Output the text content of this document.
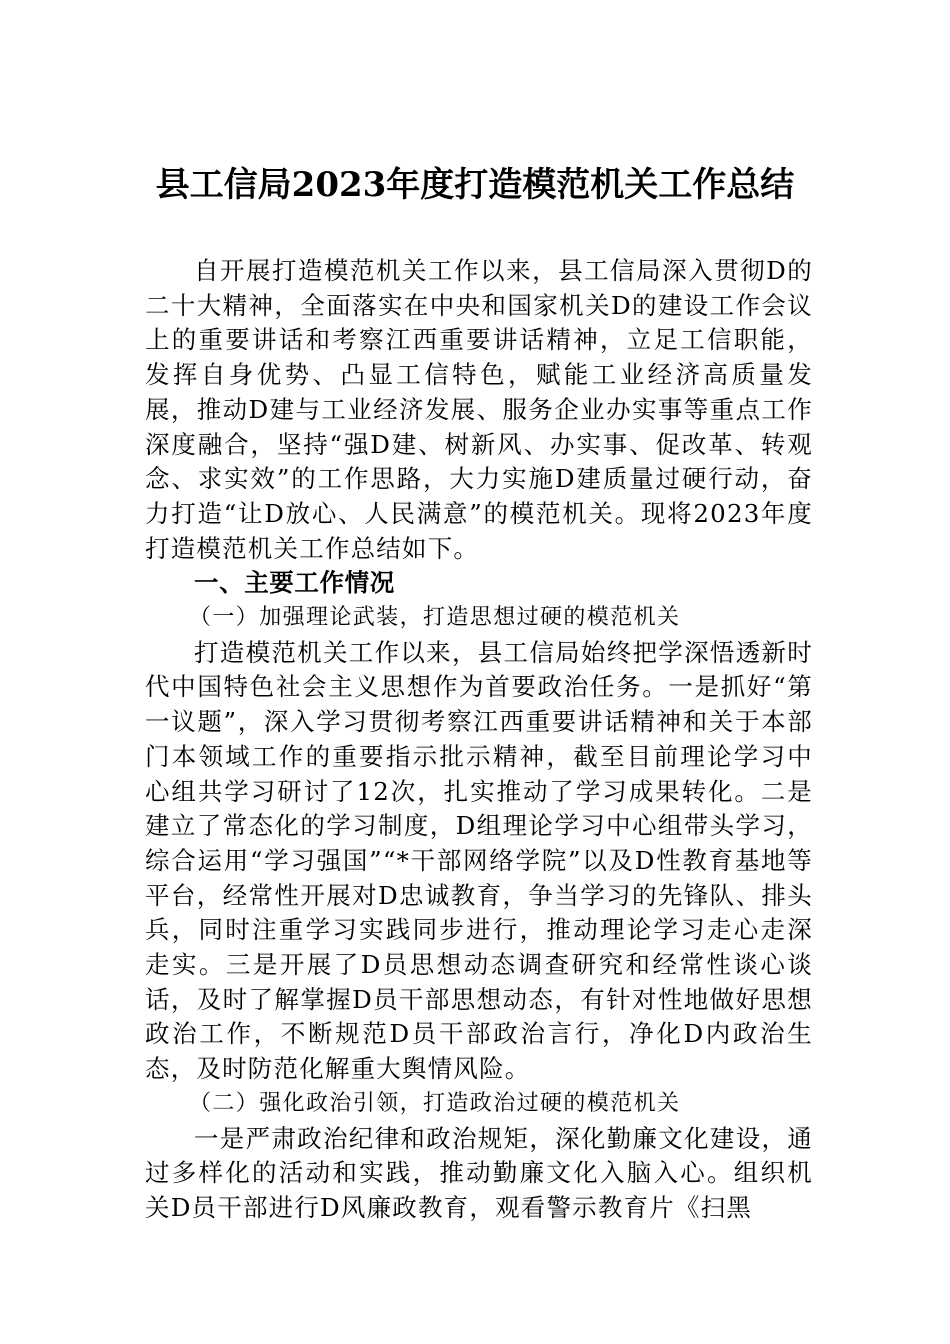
县工信局2023年度打造模范机关工作总结

自开展打造模范机关工作以来，县工信局深入贯彻D的二十大精神，全面落实在中央和国家机关D的建设工作会议上的重要讲话和考察江西重要讲话精神，立足工信职能，发挥自身优势、凸显工信特色，赋能工业经济高质量发展，推动D建与工业经济发展、服务企业办实事等重点工作深度融合，坚持“强D建、树新风、办实事、促改革、转观念、求实效”的工作思路，大力实施D建质量过硬行动，奋力打造“让D放心、人民满意”的模范机关。现将2023年度打造模范机关工作总结如下。

一、主要工作情况

（一）加强理论武装，打造思想过硬的模范机关

打造模范机关工作以来，县工信局始终把学深悟透新时代中国特色社会主义思想作为首要政治任务。一是抓好“第一议题”，深入学习贯彻考察江西重要讲话精神和关于本部门本领域工作的重要指示批示精神，截至目前理论学习中心组共学习研讨了12次，扎实推动了学习成果转化。二是建立了常态化的学习制度，D组理论学习中心组带头学习，综合运用“学习强国”“*干部网络学院”以及D性教育基地等平台，经常性开展对D忠诚教育，争当学习的先锋队、排头兵，同时注重学习实践同步进行，推动理论学习走心走深走实。三是开展了D员思想动态调查研究和经常性谈心谈话，及时了解掌握D员干部思想动态，有针对性地做好思想政治工作，不断规范D员干部政治言行，净化D内政治生态，及时防范化解重大舆情风险。

（二）强化政治引领，打造政治过硬的模范机关

一是严肃政治纪律和政治规矩，深化勤廉文化建设，通过多样化的活动和实践，推动勤廉文化入脑入心。组织机关D员干部进行D风廉政教育，观看警示教育片《扫黑
